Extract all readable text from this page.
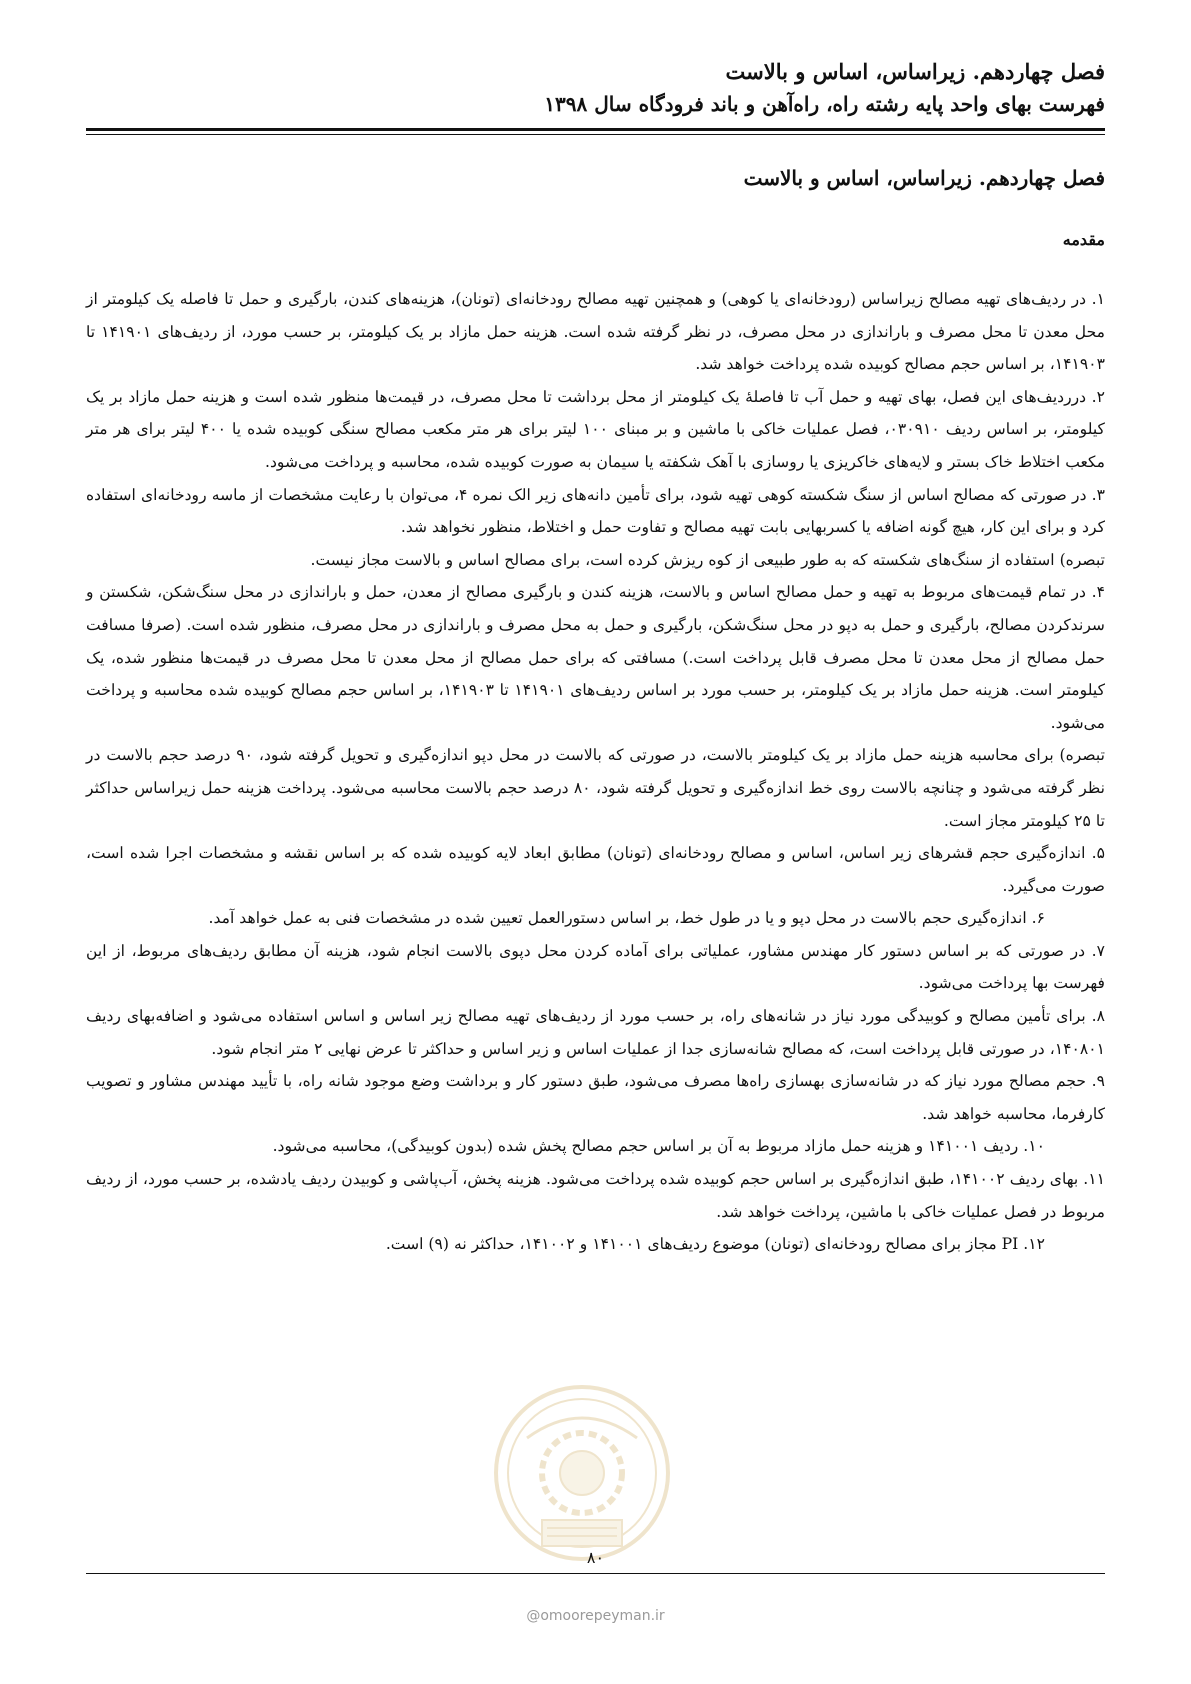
فصل چهاردهم. زیراساس، اساس و بالاست
فهرست بهای واحد پایه رشته راه، راه‌آهن و باند فرودگاه سال ۱۳۹۸
فصل چهاردهم. زیراساس، اساس و بالاست
مقدمه

۱. در ردیف‌های تهیه مصالح زیراساس (رودخانه‌ای یا کوهی) و همچنین تهیه مصالح رودخانه‌ای (تونان)، هزینه‌های کندن، بارگیری و حمل تا فاصله یک کیلومتر از محل معدن تا محل مصرف و باراندازی در محل مصرف، در نظر گرفته شده است. هزینه حمل مازاد بر یک کیلومتر، بر حسب مورد، از ردیف‌های ۱۴۱۹۰۱ تا ۱۴۱۹۰۳، بر اساس حجم مصالح کوبیده شده پرداخت خواهد شد.

۲. درردیف‌های این فصل، بهای تهیه و حمل آب تا فاصلهٔ یک کیلومتر از محل برداشت تا محل مصرف، در قیمت‌ها منظور شده است و هزینه حمل مازاد بر یک کیلومتر، بر اساس ردیف ۰۳۰۹۱۰، فصل عملیات خاکی با ماشین و بر مبنای ۱۰۰ لیتر برای هر متر مکعب مصالح سنگی کوبیده شده یا ۴۰۰ لیتر برای هر متر مکعب اختلاط خاک بستر و لایه‌های خاکریزی یا روسازی با آهک شکفته یا سیمان به صورت کوبیده شده، محاسبه و پرداخت می‌شود.

۳. در صورتی که مصالح اساس از سنگ شکسته کوهی تهیه شود، برای تأمین دانه‌های زیر الک نمره ۴، می‌توان با رعایت مشخصات از ماسه رودخانه‌ای استفاده کرد و برای این کار، هیچ گونه اضافه یا کسربهایی بابت تهیه مصالح و تفاوت حمل و اختلاط، منظور نخواهد شد.

تبصره) استفاده از سنگ‌های شکسته که به طور طبیعی از کوه ریزش کرده است، برای مصالح اساس و بالاست مجاز نیست.

۴. در تمام قیمت‌های مربوط به تهیه و حمل مصالح اساس و بالاست، هزینه کندن و بارگیری مصالح از معدن، حمل و باراندازی در محل سنگ‌شکن، شکستن و سرندکردن مصالح، بارگیری و حمل به دپو در محل سنگ‌شکن، بارگیری و حمل به محل مصرف و باراندازی در محل مصرف، منظور شده است. (صرفا مسافت حمل مصالح از محل معدن تا محل مصرف قابل پرداخت است.) مسافتی که برای حمل مصالح از محل معدن تا محل مصرف در قیمت‌ها منظور شده، یک کیلومتر است. هزینه حمل مازاد بر یک کیلومتر، بر حسب مورد بر اساس ردیف‌های ۱۴۱۹۰۱ تا ۱۴۱۹۰۳، بر اساس حجم مصالح کوبیده شده محاسبه و پرداخت می‌شود.

تبصره) برای محاسبه هزینه حمل مازاد بر یک کیلومتر بالاست، در صورتی که بالاست در محل دپو اندازه‌گیری و تحویل گرفته شود، ۹۰ درصد حجم بالاست در نظر گرفته می‌شود و چنانچه بالاست روی خط اندازه‌گیری و تحویل گرفته شود، ۸۰ درصد حجم بالاست محاسبه می‌شود. پرداخت هزینه حمل زیراساس حداکثر تا ۲۵ کیلومتر مجاز است.

۵. اندازه‌گیری حجم قشرهای زیر اساس، اساس و مصالح رودخانه‌ای (تونان) مطابق ابعاد لایه کوبیده شده که بر اساس نقشه و مشخصات اجرا شده است، صورت می‌گیرد.

۶. اندازه‌گیری حجم بالاست در محل دپو و یا در طول خط، بر اساس دستورالعمل تعیین شده در مشخصات فنی به عمل خواهد آمد.

۷. در صورتی که بر اساس دستور کار مهندس مشاور، عملیاتی برای آماده کردن محل دپوی بالاست انجام شود، هزینه آن مطابق ردیف‌های مربوط، از این فهرست بها پرداخت می‌شود.

۸. برای تأمین مصالح و کوبیدگی مورد نیاز در شانه‌های راه، بر حسب مورد از ردیف‌های تهیه مصالح زیر اساس و اساس استفاده می‌شود و اضافه‌بهای ردیف ۱۴۰۸۰۱، در صورتی قابل پرداخت است، که مصالح شانه‌سازی جدا از عملیات اساس و زیر اساس و حداکثر تا عرض نهایی ۲ متر انجام شود.

۹. حجم مصالح مورد نیاز که در شانه‌سازی بهسازی راه‌ها مصرف می‌شود، طبق دستور کار و برداشت وضع موجود شانه راه، با تأیید مهندس مشاور و تصویب کارفرما، محاسبه خواهد شد.

۱۰. ردیف ۱۴۱۰۰۱ و هزینه حمل مازاد مربوط به آن بر اساس حجم مصالح پخش شده (بدون کوبیدگی)، محاسبه می‌شود.

۱۱. بهای ردیف ۱۴۱۰۰۲، طبق اندازه‌گیری بر اساس حجم کوبیده شده پرداخت می‌شود. هزینه پخش، آب‌پاشی و کوبیدن ردیف یادشده، بر حسب مورد، از ردیف مربوط در فصل عملیات خاکی با ماشین، پرداخت خواهد شد.

۱۲. PI مجاز برای مصالح رودخانه‌ای (تونان) موضوع ردیف‌های ۱۴۱۰۰۱ و ۱۴۱۰۰۲، حداکثر نه (۹) است.

۸۰
@omoorepeyman.ir
